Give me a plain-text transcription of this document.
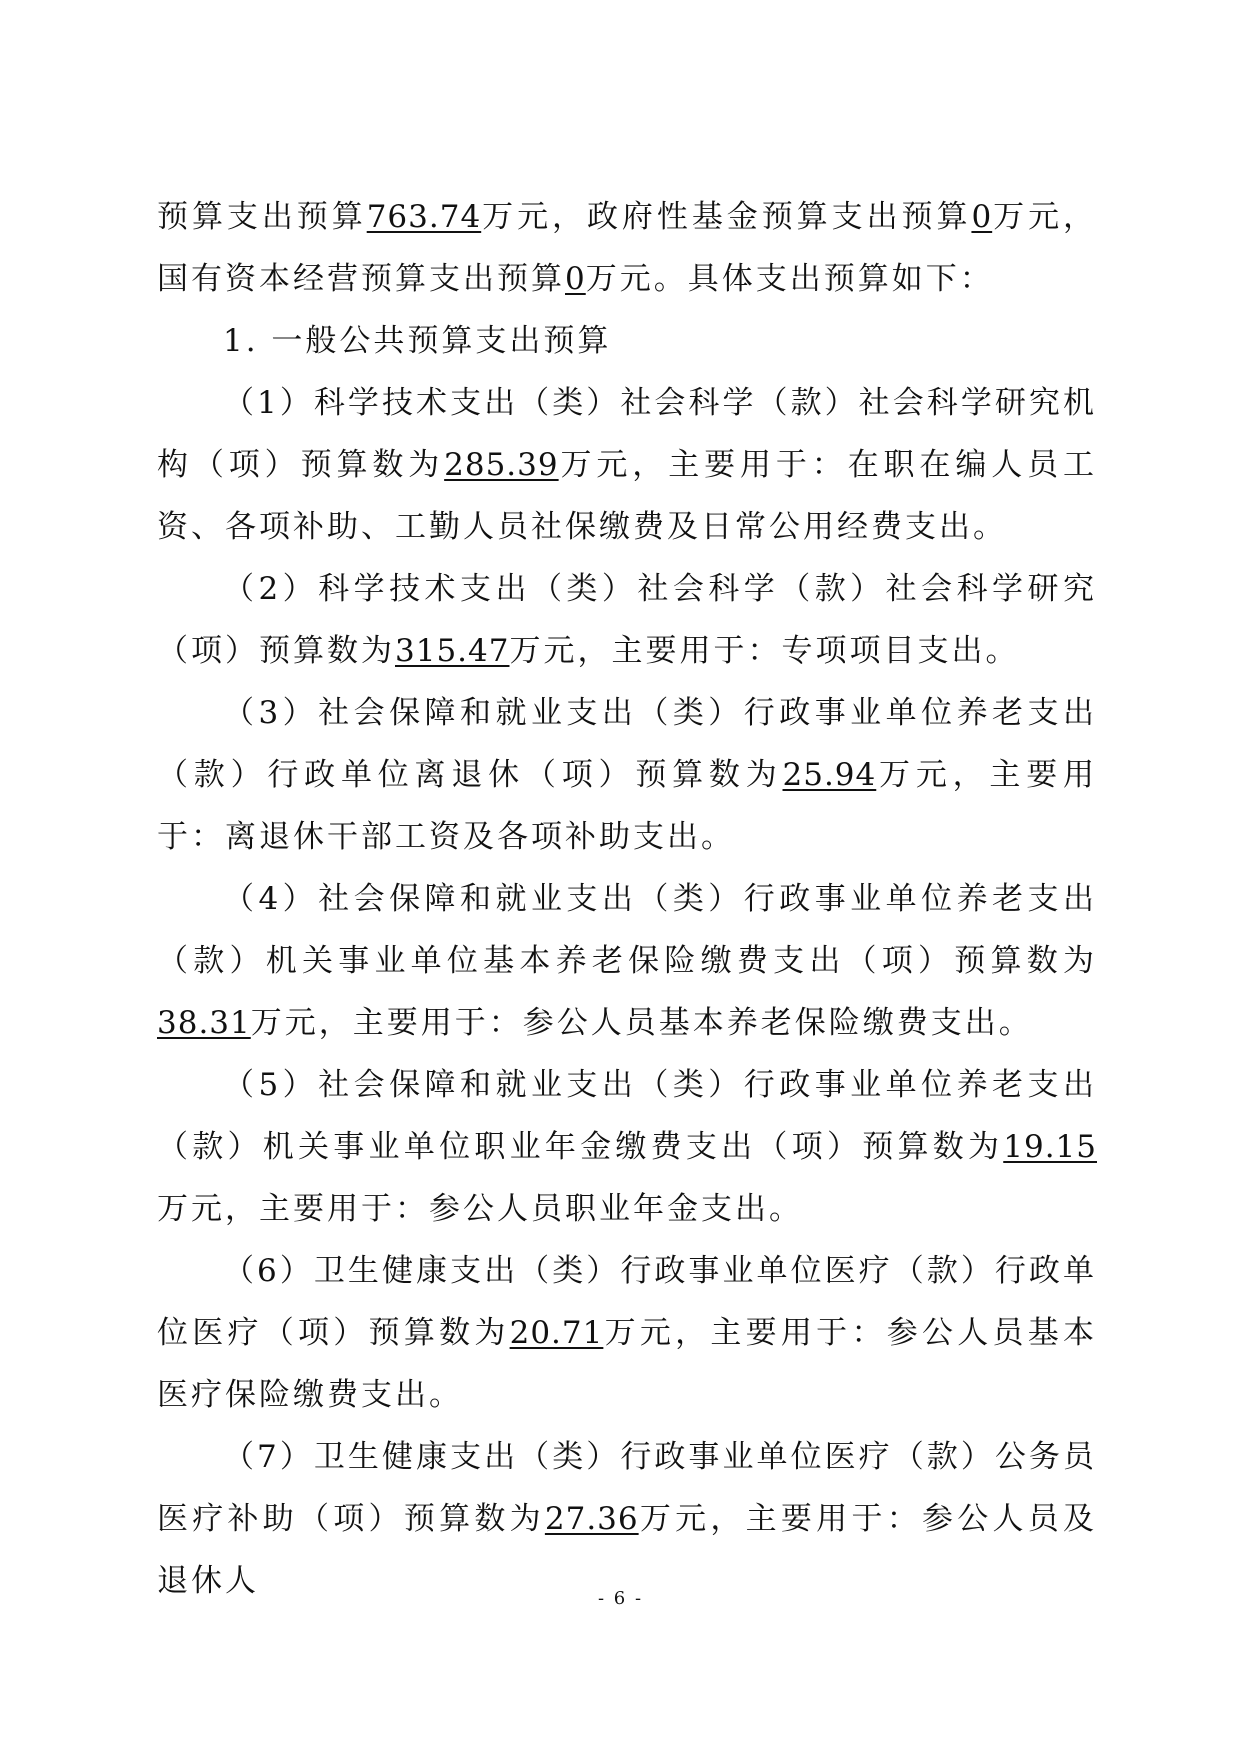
预算支出预算763.74万元，政府性基金预算支出预算0万元，国有资本经营预算支出预算0万元。具体支出预算如下：

1. 一般公共预算支出预算

（1）科学技术支出（类）社会科学（款）社会科学研究机构（项）预算数为285.39万元，主要用于：在职在编人员工资、各项补助、工勤人员社保缴费及日常公用经费支出。

（2）科学技术支出（类）社会科学（款）社会科学研究（项）预算数为315.47万元，主要用于：专项项目支出。

（3）社会保障和就业支出（类）行政事业单位养老支出（款）行政单位离退休（项）预算数为25.94万元，主要用于：离退休干部工资及各项补助支出。

（4）社会保障和就业支出（类）行政事业单位养老支出（款）机关事业单位基本养老保险缴费支出（项）预算数为38.31万元，主要用于：参公人员基本养老保险缴费支出。

（5）社会保障和就业支出（类）行政事业单位养老支出（款）机关事业单位职业年金缴费支出（项）预算数为19.15万元，主要用于：参公人员职业年金支出。

（6）卫生健康支出（类）行政事业单位医疗（款）行政单位医疗（项）预算数为20.71万元，主要用于：参公人员基本医疗保险缴费支出。

（7）卫生健康支出（类）行政事业单位医疗（款）公务员医疗补助（项）预算数为27.36万元，主要用于：参公人员及退休人	- 6 -
